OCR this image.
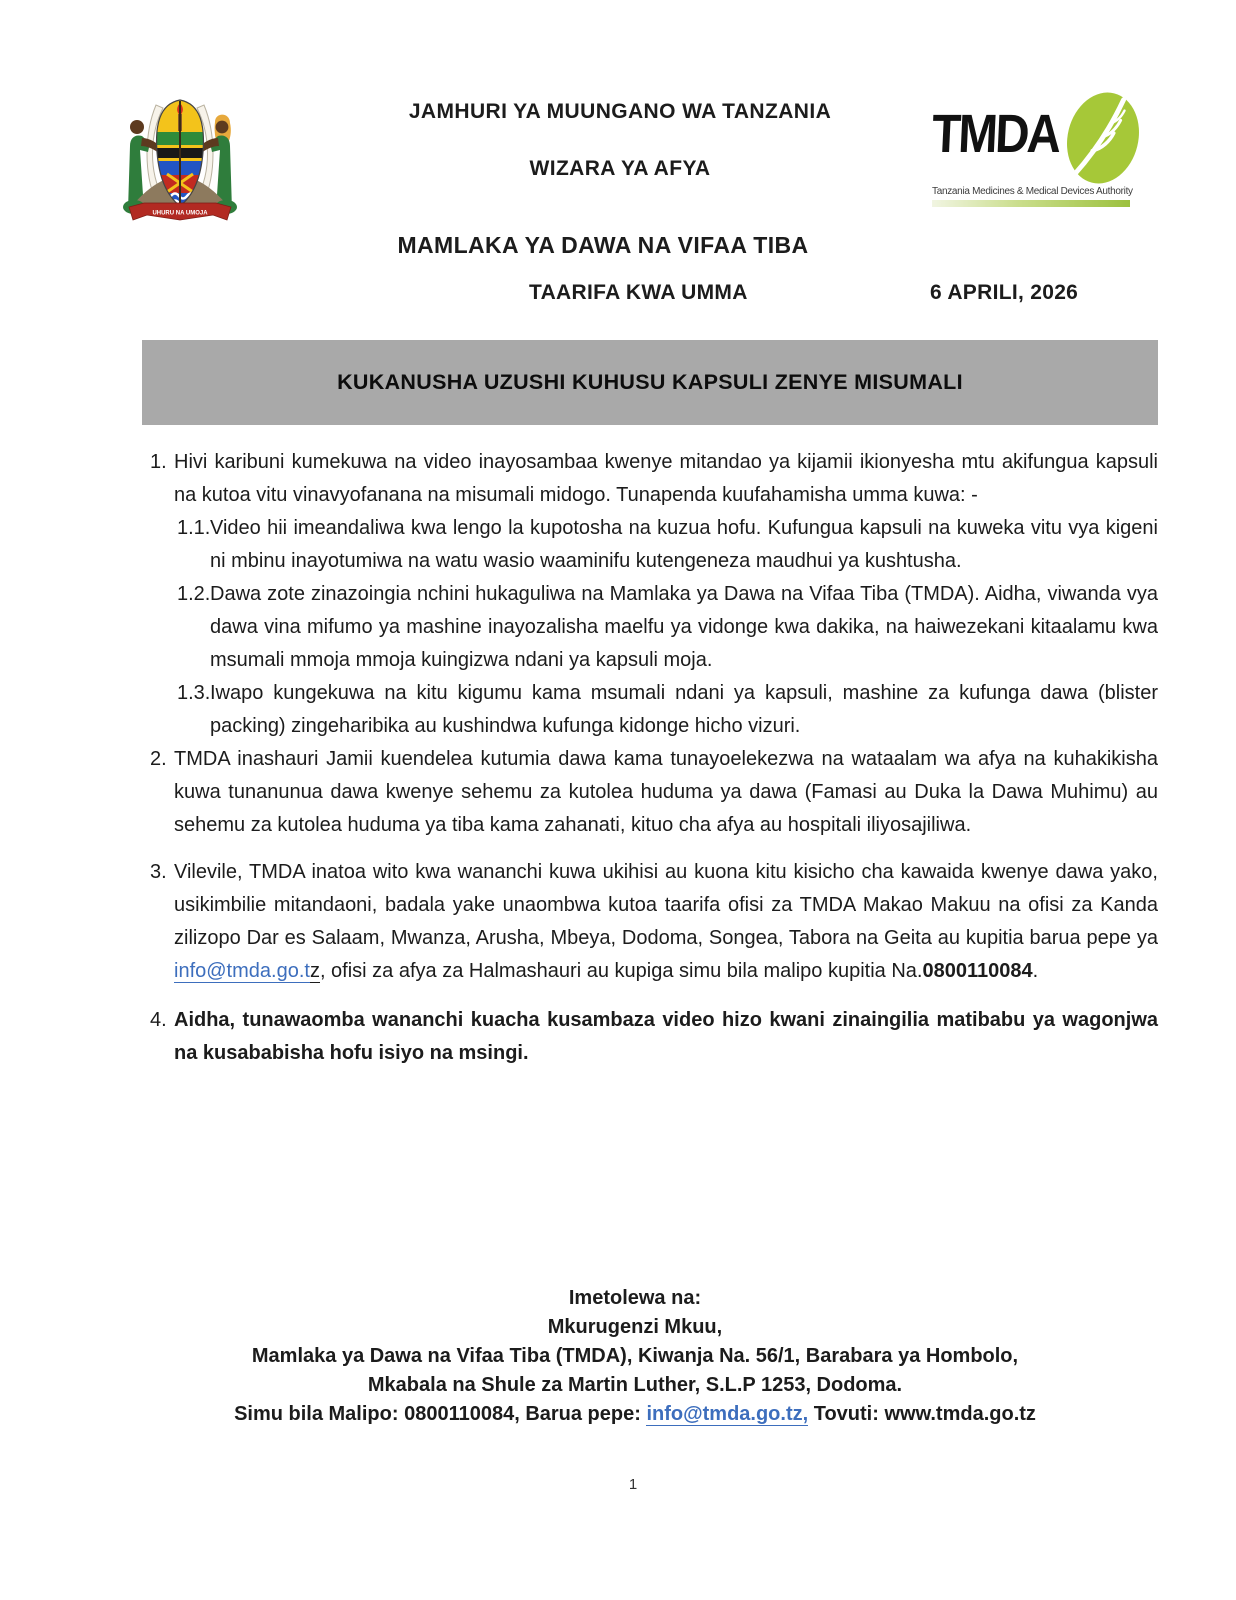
UHURU NA UMOJA
JAMHURI YA MUUNGANO WA TANZANIA
WIZARA YA AFYA
TMDA
Tanzania Medicines & Medical Devices Authority
MAMLAKA YA DAWA NA VIFAA TIBA
TAARIFA KWA UMMA	6 APRILI, 2026
KUKANUSHA UZUSHI KUHUSU KAPSULI ZENYE MISUMALI
1. Hivi karibuni kumekuwa na video inayosambaa kwenye mitandao ya kijamii ikionyesha mtu akifungua kapsuli na kutoa vitu vinavyofanana na misumali midogo. Tunapenda kuufahamisha umma kuwa: -
1.1. Video hii imeandaliwa kwa lengo la kupotosha na kuzua hofu. Kufungua kapsuli na kuweka vitu vya kigeni ni mbinu inayotumiwa na watu wasio waaminifu kutengeneza maudhui ya kushtusha.
1.2. Dawa zote zinazoingia nchini hukaguliwa na Mamlaka ya Dawa na Vifaa Tiba (TMDA). Aidha, viwanda vya dawa vina mifumo ya mashine inayozalisha maelfu ya vidonge kwa dakika, na haiwezekani kitaalamu kwa msumali mmoja mmoja kuingizwa ndani ya kapsuli moja.
1.3. Iwapo kungekuwa na kitu kigumu kama msumali ndani ya kapsuli, mashine za kufunga dawa (blister packing) zingeharibika au kushindwa kufunga kidonge hicho vizuri.
2. TMDA inashauri Jamii kuendelea kutumia dawa kama tunayoelekezwa na wataalam wa afya na kuhakikisha kuwa tunanunua dawa kwenye sehemu za kutolea huduma ya dawa (Famasi au Duka la Dawa Muhimu) au sehemu za kutolea huduma ya tiba kama zahanati, kituo cha afya au hospitali iliyosajiliwa.
3. Vilevile, TMDA inatoa wito kwa wananchi kuwa ukihisi au kuona kitu kisicho cha kawaida kwenye dawa yako, usikimbilie mitandaoni, badala yake unaombwa kutoa taarifa ofisi za TMDA Makao Makuu na ofisi za Kanda zilizopo Dar es Salaam, Mwanza, Arusha, Mbeya, Dodoma, Songea, Tabora na Geita au kupitia barua pepe ya info@tmda.go.tz, ofisi za afya za Halmashauri au kupiga simu bila malipo kupitia Na.0800110084.
4. Aidha, tunawaomba wananchi kuacha kusambaza video hizo kwani zinaingilia matibabu ya wagonjwa na kusababisha hofu isiyo na msingi.
Imetolewa na:
Mkurugenzi Mkuu,
Mamlaka ya Dawa na Vifaa Tiba (TMDA), Kiwanja Na. 56/1, Barabara ya Hombolo,
Mkabala na Shule za Martin Luther, S.L.P 1253, Dodoma.
Simu bila Malipo: 0800110084, Barua pepe: info@tmda.go.tz, Tovuti: www.tmda.go.tz
1
